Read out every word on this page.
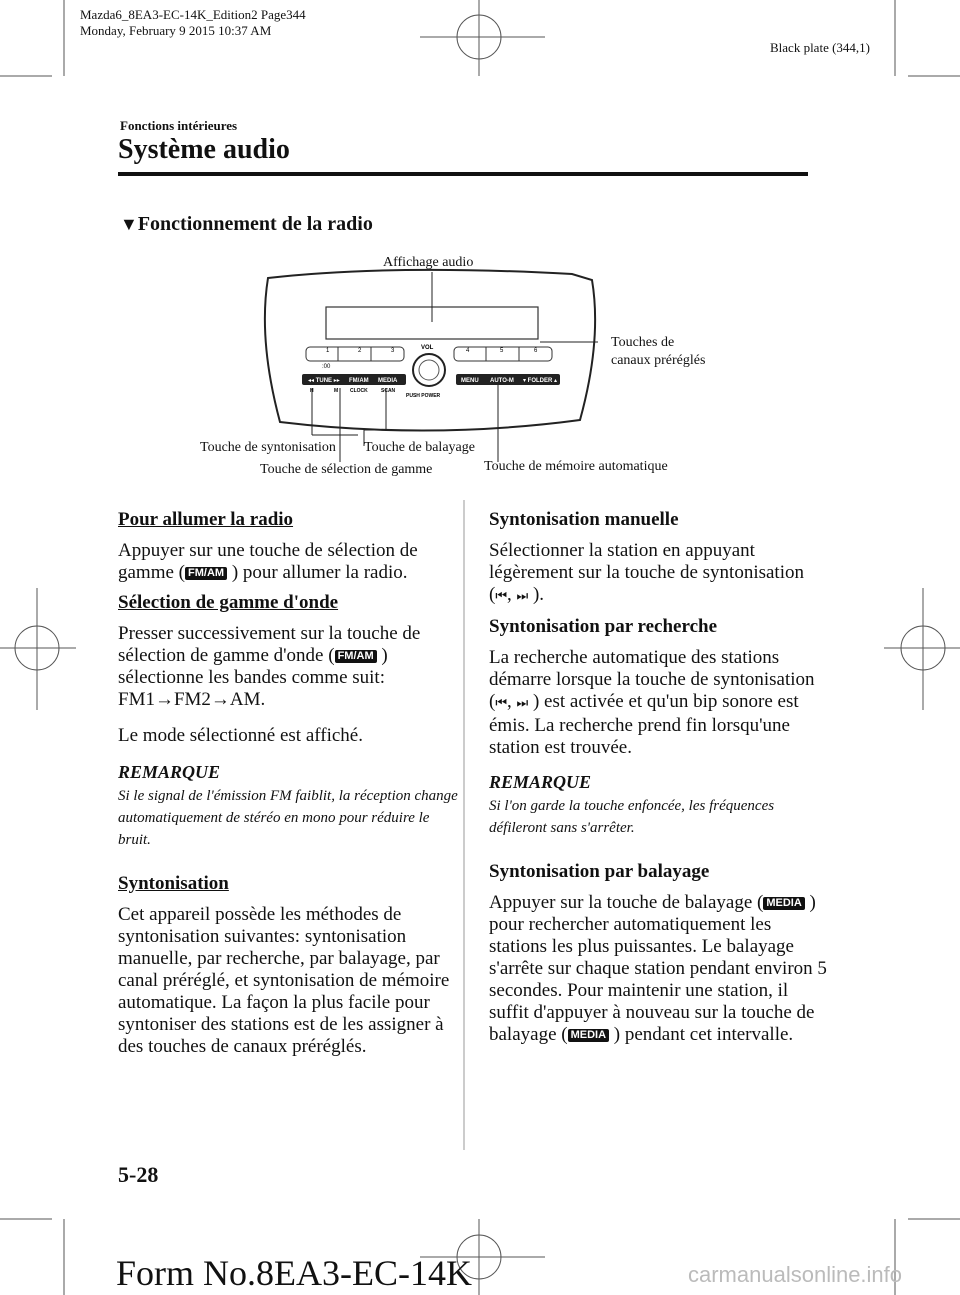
Mazda6_8EA3-EC-14K_Edition2 Page344
Monday, February 9 2015 10:37 AM
Black plate (344,1)
Fonctions intérieures
Système audio
▼Fonctionnement de la radio
1	2	3
:00
4	5	6
VOL
PUSH POWER
◂◂ TUNE ▸▸ FM/AM MEDIA
H	M CLOCK	SCAN
MENU AUTO-M ▾ FOLDER ▴
Affichage audio
Touches de
canaux préréglés
Touche de syntonisation Touche de balayage
Touche de sélection de gamme	Touche de mémoire automatique

Pour allumer la radio

Appuyer sur une touche de sélection de gamme ( FM/AM ) pour allumer la radio.

Sélection de gamme d'onde

Presser successivement sur la touche de sélection de gamme d'onde ( FM/AM ) sélectionne les bandes comme suit:
FM1→FM2→AM.

Le mode sélectionné est affiché.

REMARQUE

Si le signal de l'émission FM faiblit, la réception change automatiquement de stéréo en mono pour réduire le bruit.

Syntonisation

Cet appareil possède les méthodes de syntonisation suivantes: syntonisation manuelle, par recherche, par balayage, par canal préréglé, et syntonisation de mémoire automatique. La façon la plus facile pour syntoniser des stations est de les assigner à des touches de canaux préréglés.

Syntonisation manuelle

Sélectionner la station en appuyant légèrement sur la touche de syntonisation (⏮, ⏭ ).

Syntonisation par recherche

La recherche automatique des stations démarre lorsque la touche de syntonisation (⏮, ⏭ ) est activée et qu'un bip sonore est émis. La recherche prend fin lorsqu'une station est trouvée.

REMARQUE

Si l'on garde la touche enfoncée, les fréquences défileront sans s'arrêter.

Syntonisation par balayage

Appuyer sur la touche de balayage ( MEDIA ) pour rechercher automatiquement les stations les plus puissantes. Le balayage s'arrête sur chaque station pendant environ 5 secondes. Pour maintenir une station, il suffit d'appuyer à nouveau sur la touche de balayage ( MEDIA ) pendant cet intervalle.

5-28
Form No.8EA3-EC-14K	carmanualsonline.info
